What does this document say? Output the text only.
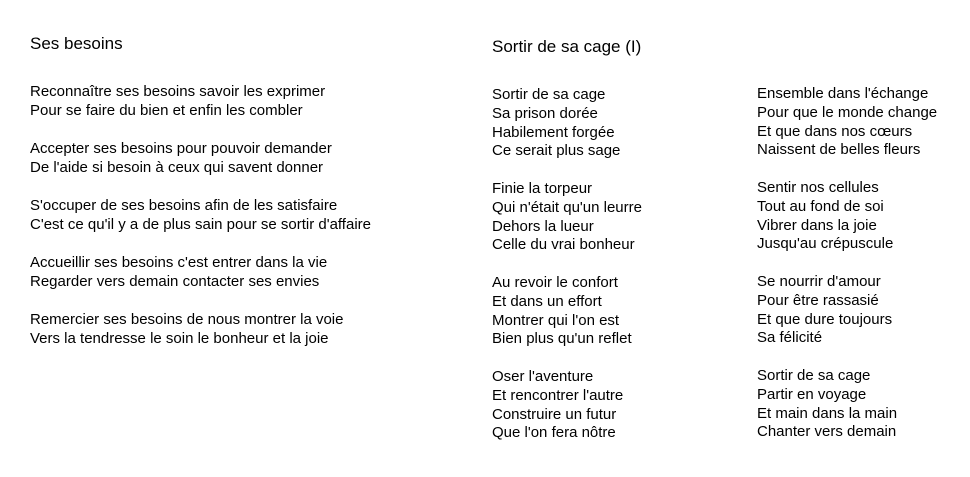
Ses besoins
Reconnaître ses besoins savoir les exprimer
Pour se faire du bien et enfin les combler
Accepter ses besoins pour pouvoir demander
De l'aide si besoin à ceux qui savent donner
S'occuper de ses besoins afin de les satisfaire
C'est ce qu'il y a de plus sain pour se sortir d'affaire
Accueillir ses besoins c'est entrer dans la vie
Regarder vers demain contacter ses envies
Remercier ses besoins de nous montrer la voie
Vers la tendresse le soin le bonheur et la joie
Sortir de sa cage (I)
Sortir de sa cage
Sa prison dorée
Habilement forgée
Ce serait plus sage
Finie la torpeur
Qui n'était qu'un leurre
Dehors la lueur
Celle du vrai bonheur
Au revoir le confort
Et dans un effort
Montrer qui l'on est
Bien plus qu'un reflet
Oser l'aventure
Et rencontrer l'autre
Construire un futur
Que l'on fera nôtre
Ensemble dans l'échange
Pour que le monde change
Et que dans nos cœurs
Naissent de belles fleurs
Sentir nos cellules
Tout au fond de soi
Vibrer dans la joie
Jusqu'au crépuscule
Se nourrir d'amour
Pour être rassasié
Et que dure toujours
Sa félicité
Sortir de sa cage
Partir en voyage
Et main dans la main
Chanter vers demain
